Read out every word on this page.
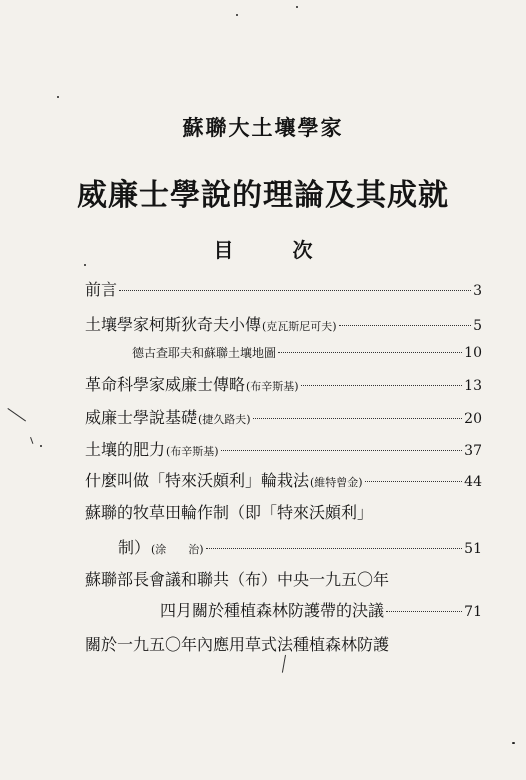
蘇聯大土壤學家
威廉士學說的理論及其成就
目 次
前言	3
土壤學家柯斯狄奇夫小傳 (克瓦斯尼可夫)	5
德古查耶夫和蘇聯土壤地圖	10
革命科學家威廉士傳略 (布辛斯基)	13
威廉士學說基礎 (捷久路夫)	20
土壤的肥力 (布辛斯基)	37
什麼叫做「特來沃頗利」輪栽法 (維特曾金)	44
蘇聯的牧草田輪作制（即「特來沃頗利」
制） (涂　　治)	51
蘇聯部長會議和聯共（布）中央一九五〇年
四月關於種植森林防護帶的決議	71
關於一九五〇年內應用草式法種植森林防護
